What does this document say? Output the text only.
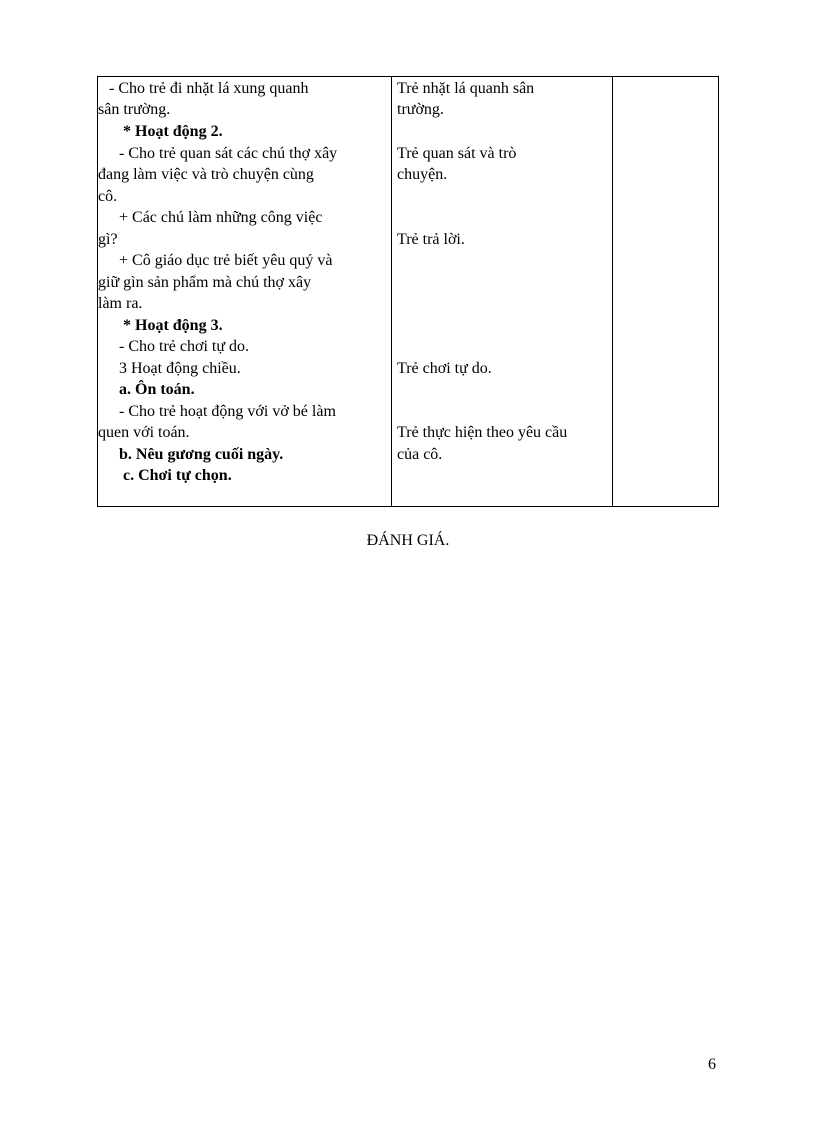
- Cho trẻ đi nhặt lá xung quanh
sân trường.
* Hoạt động 2.
- Cho trẻ quan sát các chú thợ xây
đang làm việc và trò chuyện cùng
cô.
+ Các chú làm những công việc
gì?
+ Cô giáo dục trẻ biết yêu quý và
giữ gìn sản phẩm mà chú thợ xây
làm ra.
* Hoạt động 3.
- Cho trẻ chơi tự do.
3 Hoạt động chiều.
a. Ôn toán.
- Cho trẻ hoạt động với vở bé làm
quen với toán.
b. Nêu gương cuối ngày.
c. Chơi tự chọn.
Trẻ nhặt lá quanh sân
trường.
Trẻ quan sát và trò
chuyện.
Trẻ trả lời.
Trẻ chơi tự do.
Trẻ thực hiện theo yêu cầu
của cô.
ĐÁNH GIÁ.
6
